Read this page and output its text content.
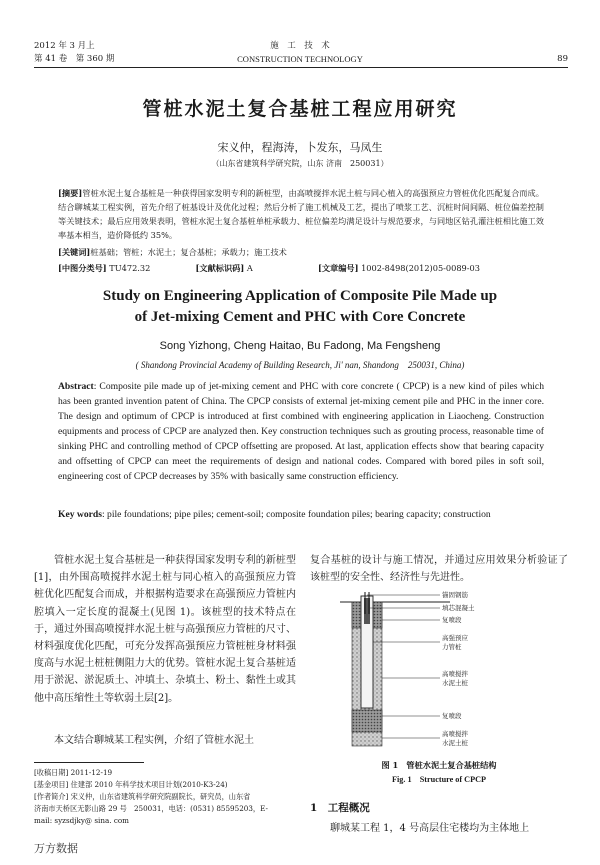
2012 年 3 月上
第 41 卷　第 360 期
施　工　技　术
CONSTRUCTION TECHNOLOGY	89
管桩水泥土复合基桩工程应用研究
宋义仲，程海涛，卜发东，马凤生
（山东省建筑科学研究院，山东 济南　250031）
[摘要]管桩水泥土复合基桩是一种获得国家发明专利的新桩型，由高喷搅拌水泥土桩与同心植入的高强预应力管桩优化匹配复合而成。结合聊城某工程实例，首先介绍了桩基设计及优化过程；然后分析了施工机械及工艺，提出了喷浆工艺、沉桩时间间隔、桩位偏差控制等关键技术；最后应用效果表明，管桩水泥土复合基桩单桩承载力、桩位偏差均满足设计与规范要求，与同地区钻孔灌注桩相比施工效率基本相当，造价降低约 35%。
[关键词]桩基础；管桩；水泥土；复合基桩；承载力；施工技术
[中图分类号] TU472.32	[文献标识码] A	[文章编号] 1002-8498(2012)05-0089-03
Study on Engineering Application of Composite Pile Made up
of Jet-mixing Cement and PHC with Core Concrete
Song Yizhong, Cheng Haitao, Bu Fadong, Ma Fengsheng
( Shandong Provincial Academy of Building Research, Ji' nan, Shandong　250031, China)
Abstract: Composite pile made up of jet-mixing cement and PHC with core concrete ( CPCP) is a new kind of piles which has been granted invention patent of China. The CPCP consists of external jet-mixing cement pile and PHC in the inner core. The design and optimum of CPCP is introduced at first combined with engineering application in Liaocheng. Construction equipments and process of CPCP are analyzed then. Key construction techniques such as grouting process, reasonable time of sinking PHC and controlling method of CPCP offsetting are proposed. At last, application effects show that bearing capacity and offsetting of CPCP can meet the requirements of design and national codes. Compared with bored piles in soft soil, engineering cost of CPCP decreases by 35% with basically same construction efficiency.
Key words: pile foundations; pipe piles; cement-soil; composite foundation piles; bearing capacity; construction
管桩水泥土复合基桩是一种获得国家发明专利的新桩型[1]，由外围高喷搅拌水泥土桩与同心植入的高强预应力管桩优化匹配复合而成，并根据构造要求在高强预应力管桩内腔填入一定长度的混凝土(见图 1)。该桩型的技术特点在于，通过外围高喷搅拌水泥土桩与高强预应力管桩的尺寸、材料强度优化匹配，可充分发挥高强预应力管桩桩身材料强度高与水泥土桩桩侧阻力大的优势。管桩水泥土复合基桩适用于淤泥、淤泥质土、冲填土、杂填土、粉土、黏性土或其他中高压缩性土等软弱土层[2]。
本文结合聊城某工程实例，介绍了管桩水泥土
[收稿日期] 2011-12-19
[基金项目] 住建部 2010 年科学技术项目计划(2010-K3-24)
[作者简介] 宋义仲，山东省建筑科学研究院副院长，研究员，山东省
济南市天桥区无影山路 29 号　250031，电话：(0531) 85595203，E-
mail: syzsdjky@ sina. com
万方数据
复合基桩的设计与施工情况，并通过应用效果分析验证了该桩型的安全性、经济性与先进性。
锚固钢筋
填芯混凝土
复喷段
高强预应
力管桩
高喷搅拌
水泥土桩
复喷段
高喷搅拌
水泥土桩
图 1　管桩水泥土复合基桩结构
Fig. 1　Structure of CPCP
1　工程概况
聊城某工程 1，4 号高层住宅楼均为主体地上
